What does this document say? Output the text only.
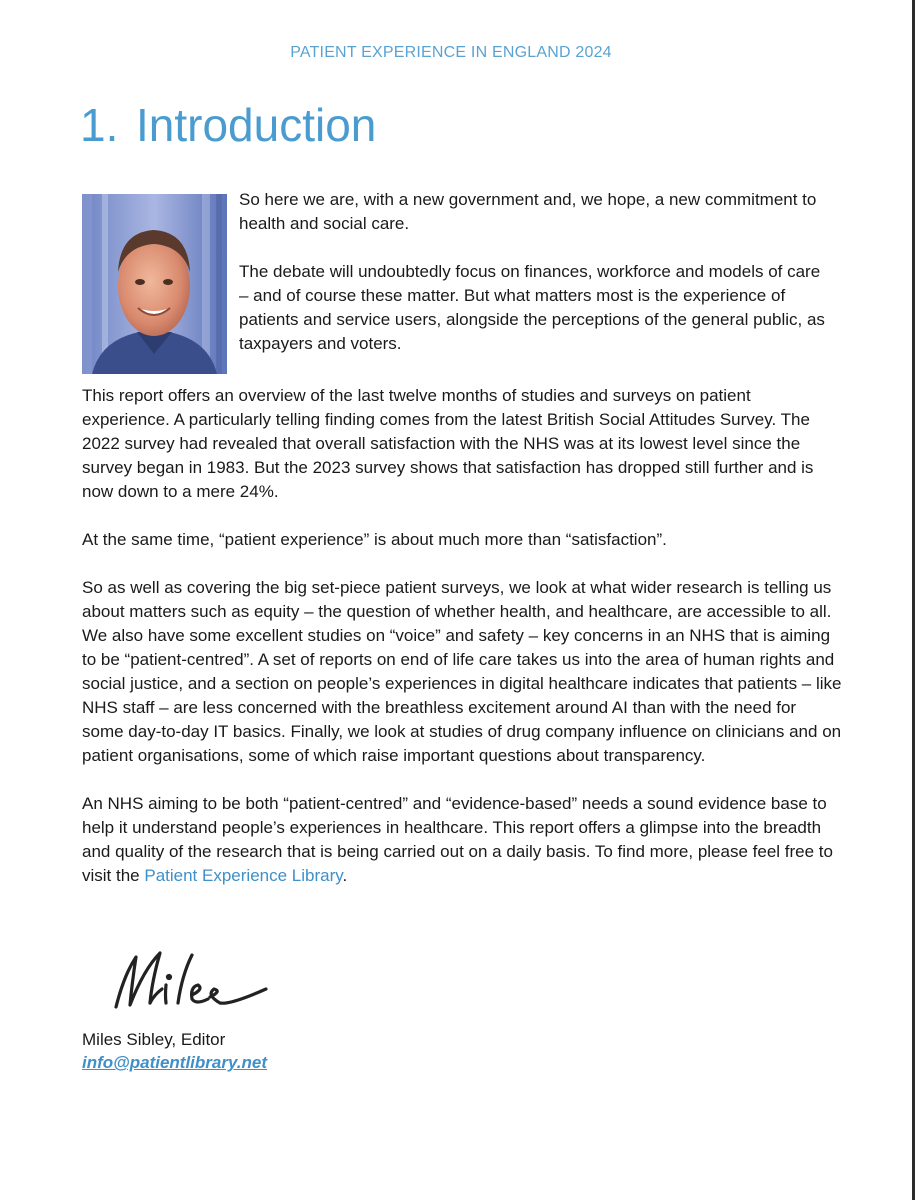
PATIENT EXPERIENCE IN ENGLAND 2024
1. Introduction

So here we are, with a new government and, we hope, a new commitment to health and social care.

The debate will undoubtedly focus on finances, workforce and models of care – and of course these matter. But what matters most is the experience of patients and service users, alongside the perceptions of the general public, as taxpayers and voters.

This report offers an overview of the last twelve months of studies and surveys on patient experience. A particularly telling finding comes from the latest British Social Attitudes Survey. The 2022 survey had revealed that overall satisfaction with the NHS was at its lowest level since the survey began in 1983. But the 2023 survey shows that satisfaction has dropped still further and is now down to a mere 24%.

At the same time, “patient experience” is about much more than “satisfaction”.

So as well as covering the big set-piece patient surveys, we look at what wider research is telling us about matters such as equity – the question of whether health, and healthcare, are accessible to all. We also have some excellent studies on “voice” and safety – key concerns in an NHS that is aiming to be “patient-centred”. A set of reports on end of life care takes us into the area of human rights and social justice, and a section on people’s experiences in digital healthcare indicates that patients – like NHS staff – are less concerned with the breathless excitement around AI than with the need for some day-to-day IT basics. Finally, we look at studies of drug company influence on clinicians and on patient organisations, some of which raise important questions about transparency.

An NHS aiming to be both “patient-centred” and “evidence-based” needs a sound evidence base to help it understand people’s experiences in healthcare. This report offers a glimpse into the breadth and quality of the research that is being carried out on a daily basis. To find more, please feel free to visit the Patient Experience Library.

Miles Sibley, Editor
info@patientlibrary.net
